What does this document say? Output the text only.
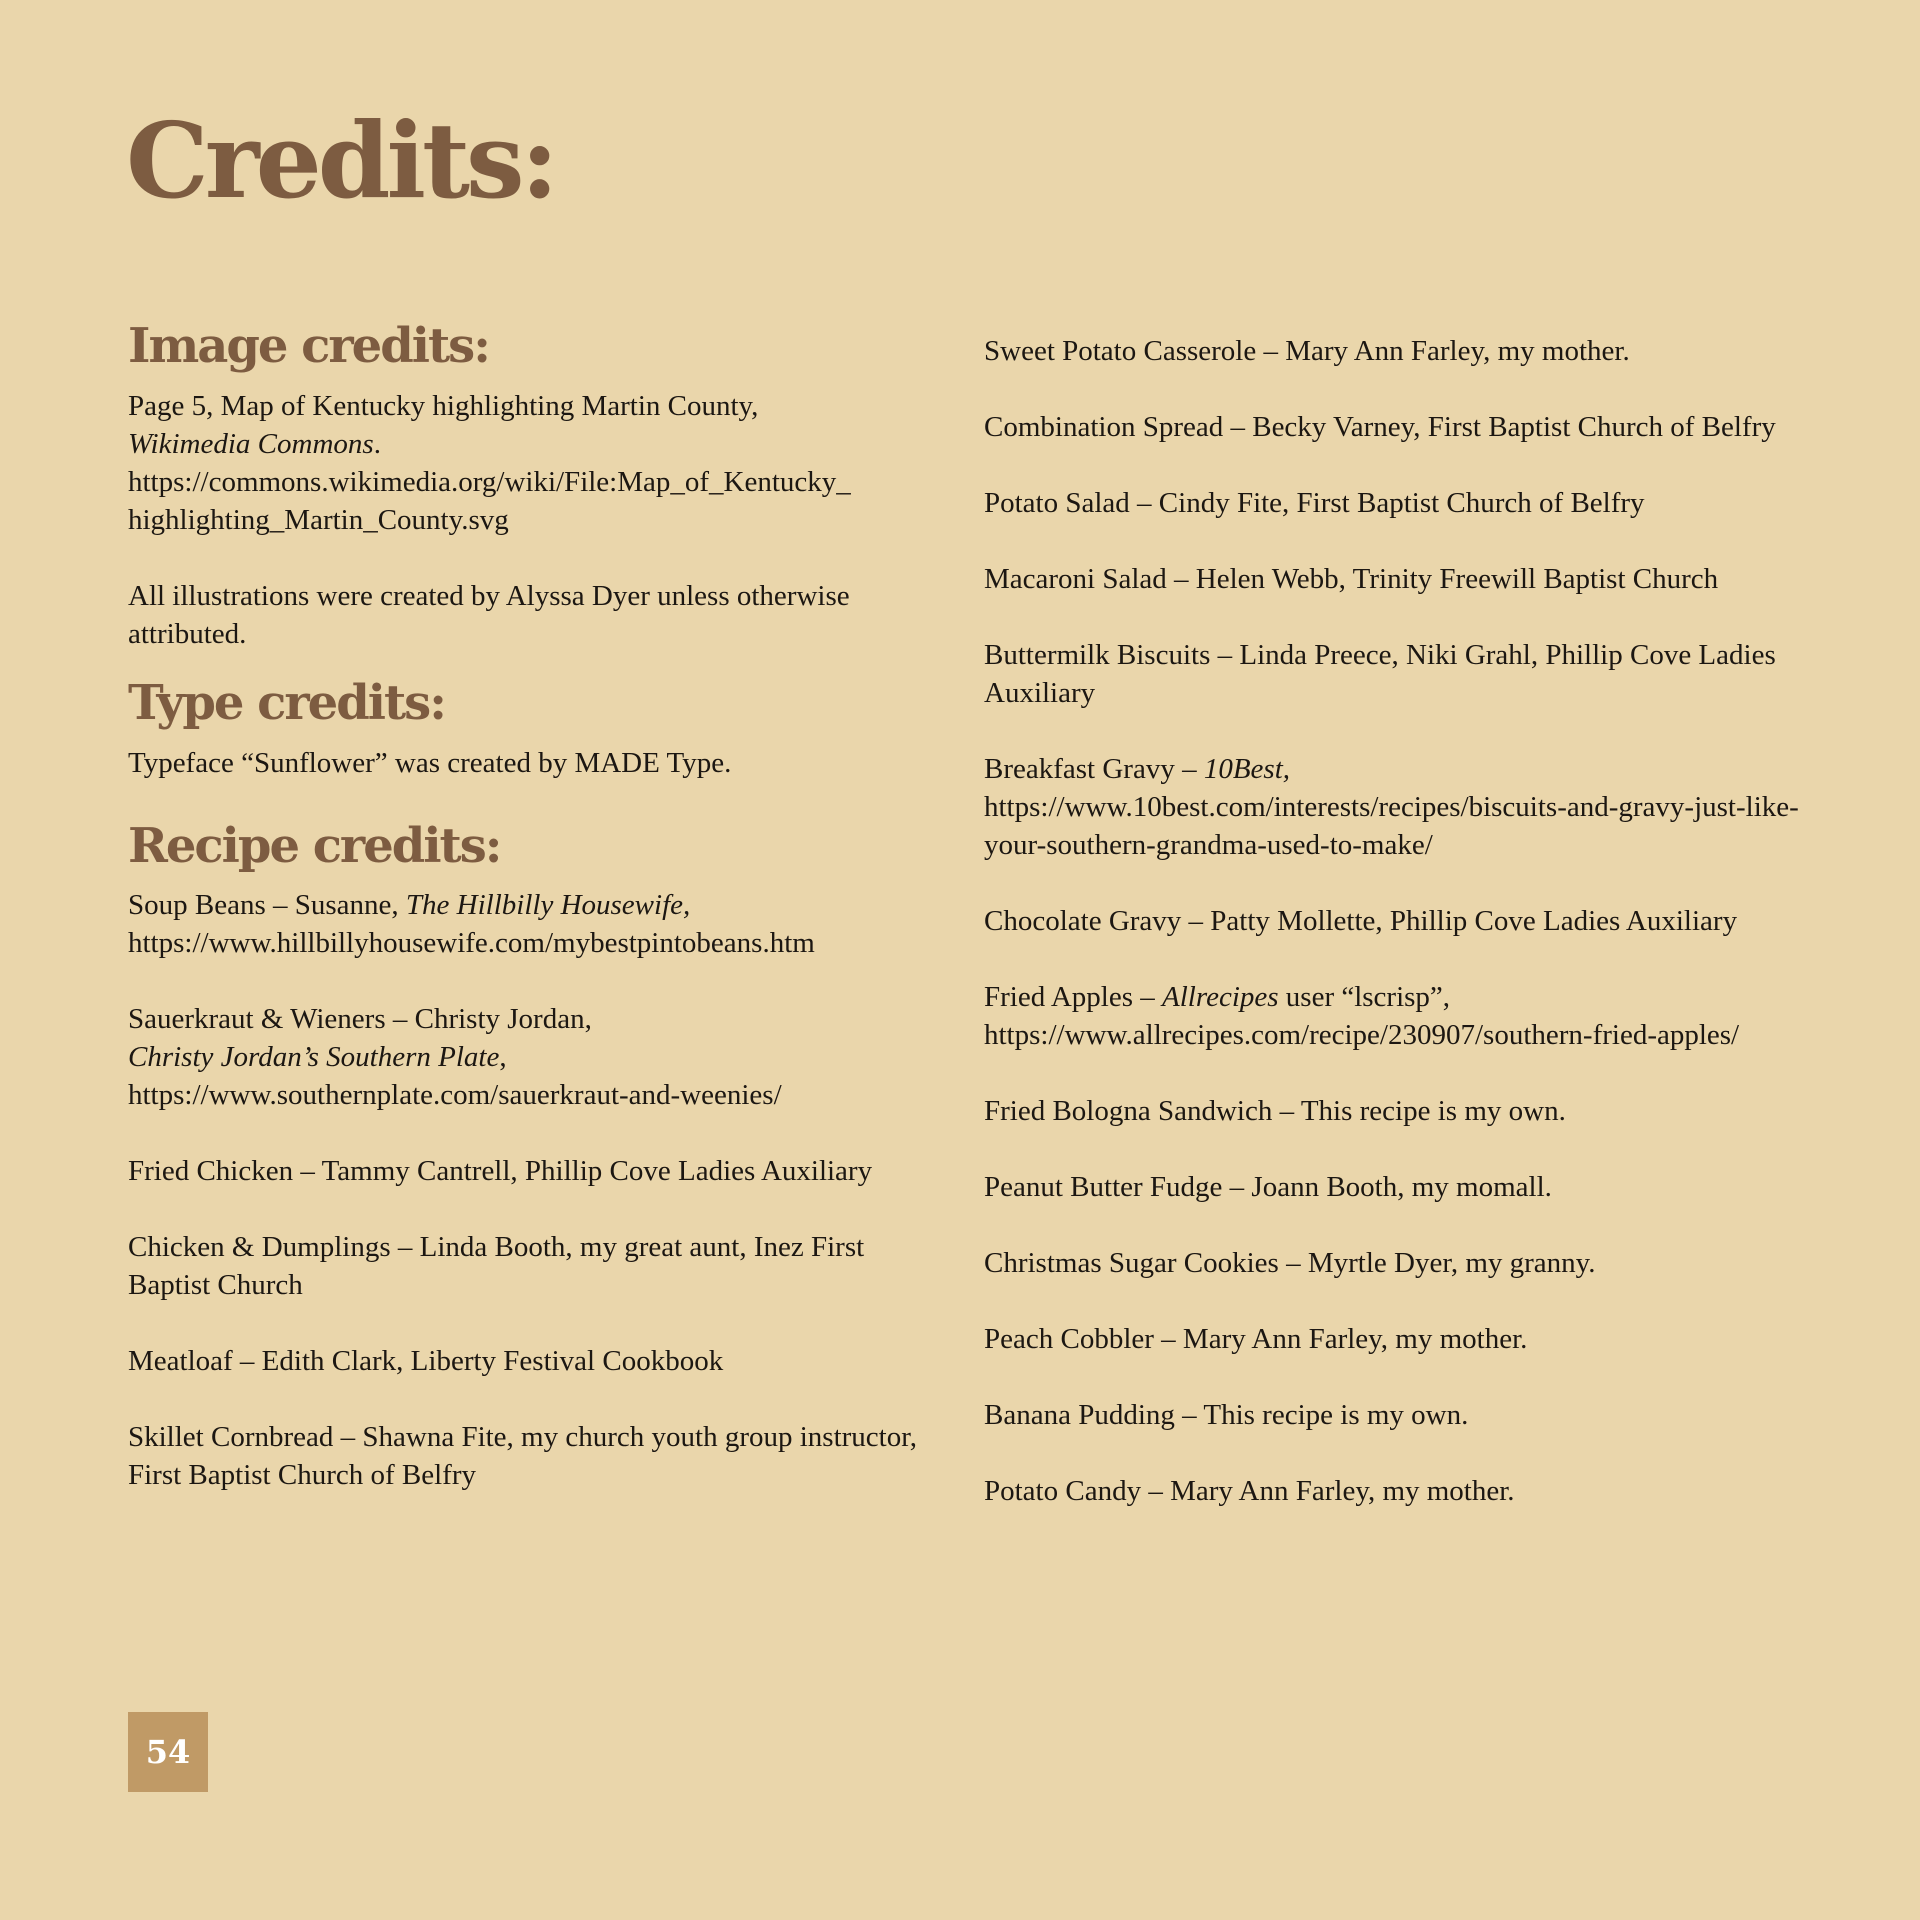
Credits:
Image credits:

Page 5, Map of Kentucky highlighting Martin County,
Wikimedia Commons.
https://commons.wikimedia.org/wiki/File:Map_of_Kentucky_
highlighting_Martin_County.svg

All illustrations were created by Alyssa Dyer unless otherwise attributed.

Type credits:

Typeface “Sunflower” was created by MADE Type.

Recipe credits:

Soup Beans – Susanne, The Hillbilly Housewife, https://www.hillbillyhousewife.com/mybestpintobeans.htm

Sauerkraut & Wieners – Christy Jordan,
Christy Jordan’s Southern Plate, https://www.southernplate.com/sauerkraut-and-weenies/

Fried Chicken – Tammy Cantrell, Phillip Cove Ladies Auxiliary

Chicken & Dumplings – Linda Booth, my great aunt, Inez First Baptist Church

Meatloaf – Edith Clark, Liberty Festival Cookbook

Skillet Cornbread – Shawna Fite, my church youth group instructor, First Baptist Church of Belfry

Sweet Potato Casserole – Mary Ann Farley, my mother.

Combination Spread – Becky Varney, First Baptist Church of Belfry

Potato Salad – Cindy Fite, First Baptist Church of Belfry

Macaroni Salad – Helen Webb, Trinity Freewill Baptist Church

Buttermilk Biscuits – Linda Preece, Niki Grahl, Phillip Cove Ladies Auxiliary

Breakfast Gravy – 10Best, https://www.10best.com/interests/recipes/biscuits-and-gravy-just-like-your-southern-grandma-used-to-make/

Chocolate Gravy – Patty Mollette, Phillip Cove Ladies Auxiliary

Fried Apples – Allrecipes user “lscrisp”, https://www.allrecipes.com/recipe/230907/southern-fried-apples/

Fried Bologna Sandwich – This recipe is my own.

Peanut Butter Fudge – Joann Booth, my momall.

Christmas Sugar Cookies – Myrtle Dyer, my granny.

Peach Cobbler – Mary Ann Farley, my mother.

Banana Pudding – This recipe is my own.

Potato Candy – Mary Ann Farley, my mother.

54
